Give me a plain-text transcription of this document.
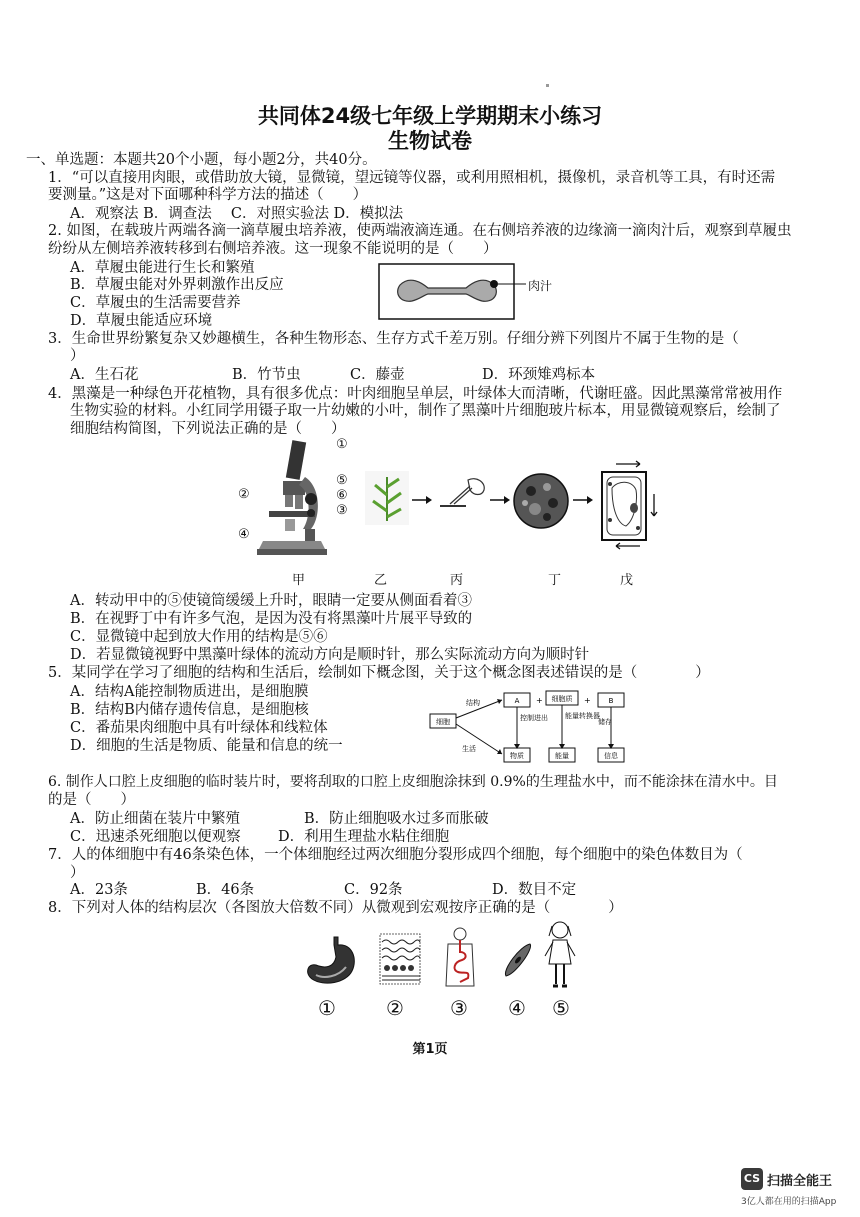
共同体24级七年级上学期期末小练习
生物试卷
一、单选题：本题共20个小题，每小题2分，共40分。
1．“可以直接用肉眼，或借助放大镜，显微镜，望远镜等仪器，或利用照相机，摄像机，录音机等工具，有时还需
要测量。”这是对下面哪种科学方法的描述（　　）
A．观察法 B．调查法　 C．对照实验法 D．模拟法
2. 如图，在载玻片两端各滴一滴草履虫培养液，使两端液滴连通。在右侧培养液的边缘滴一滴肉汁后，观察到草履虫
纷纷从左侧培养液转移到右侧培养液。这一现象不能说明的是（　　）
A．草履虫能进行生长和繁殖
B．草履虫能对外界刺激作出反应
C．草履虫的生活需要营养
D．草履虫能适应环境
肉汁
3．生命世界纷繁复杂又妙趣横生，各种生物形态、生存方式千差万别。仔细分辨下列图片不属于生物的是（
）
A．生石花	B．竹节虫	C．藤壶	D．环颈雉鸡标本
4．黑藻是一种绿色开花植物，具有很多优点：叶肉细胞呈单层，叶绿体大而清晰，代谢旺盛。因此黑藻常常被用作
生物实验的材料。小红同学用镊子取一片幼嫩的小叶，制作了黑藻叶片细胞玻片标本，用显微镜观察后，绘制了
细胞结构简图，下列说法正确的是（　　）
①
⑤
⑥
③
②
④
甲	乙	丙	丁	戊
A．转动甲中的⑤使镜筒缓缓上升时，眼睛一定要从侧面看着③
B．在视野丁中有许多气泡，是因为没有将黑藻叶片展平导致的
C．显微镜中起到放大作用的结构是⑤⑥
D．若显微镜视野中黑藻叶绿体的流动方向是顺时针，那么实际流动方向为顺时针
5．某同学在学习了细胞的结构和生活后，绘制如下概念图，关于这个概念图表述错误的是（　　　　）
A．结构A能控制物质进出，是细胞膜
B．结构B内储存遗传信息，是细胞核
C．番茄果肉细胞中具有叶绿体和线粒体
D．细胞的生活是物质、能量和信息的统一
细胞
结构
生活
A + 细胞质 +	B
控制进出 能量转换器
储存
物质	能量	信息
6. 制作人口腔上皮细胞的临时装片时，要将刮取的口腔上皮细胞涂抹到 0.9%的生理盐水中，而不能涂抹在清水中。目
的是（　　）
A．防止细菌在装片中繁殖	B．防止细胞吸水过多而胀破
C．迅速杀死细胞以便观察	D．利用生理盐水粘住细胞
7．人的体细胞中有46条染色体，一个体细胞经过两次细胞分裂形成四个细胞，每个细胞中的染色体数目为（
）
A．23条	B．46条	C．92条	D．数目不定
8．下列对人体的结构层次（各图放大倍数不同）从微观到宏观按序正确的是（　　　　）
①	② ③ ④ ⑤
第1页
CS 扫描全能王
3亿人都在用的扫描App
